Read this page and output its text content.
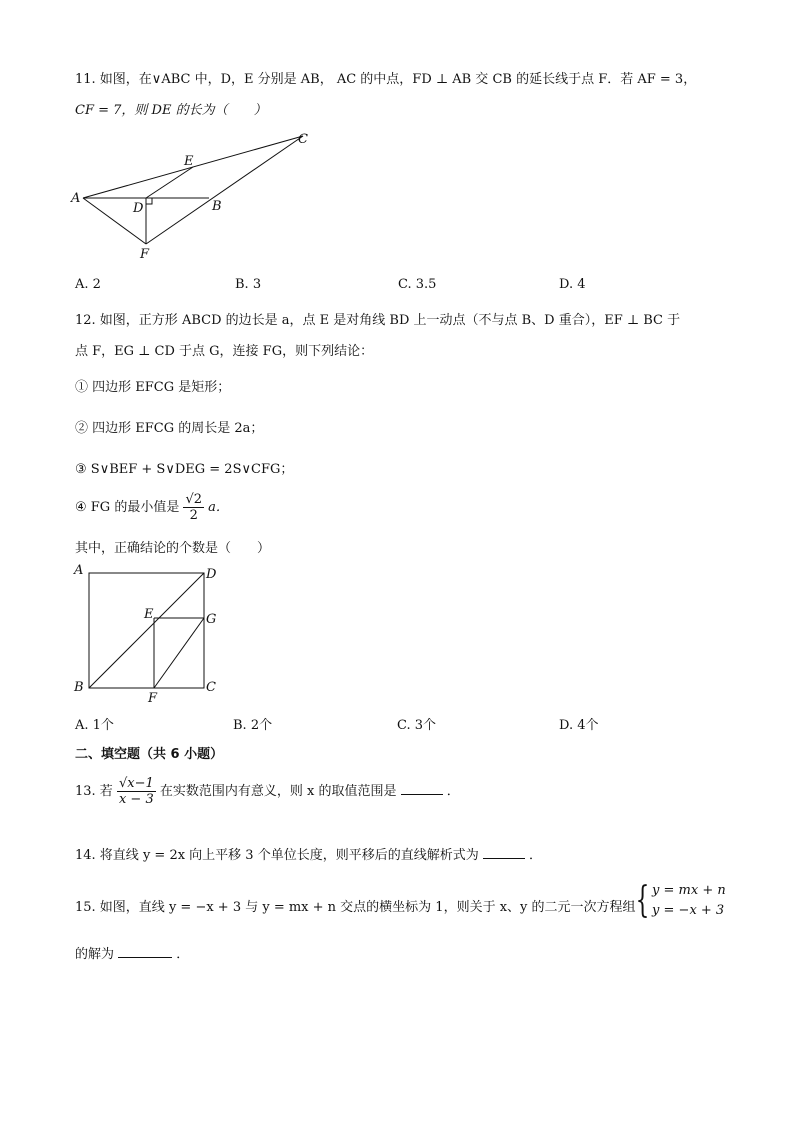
11. 如图，在∨ABC 中，D，E 分别是 AB， AC 的中点，FD ⊥ AB 交 CB 的延长线于点 F．若 AF = 3，
CF = 7，则 DE 的长为（　　）
A
B
C
D
E
F
A. 2	B. 3	C. 3.5	D. 4
12. 如图，正方形 ABCD 的边长是 a，点 E 是对角线 BD 上一动点（不与点 B、D 重合），EF ⊥ BC 于
点 F，EG ⊥ CD 于点 G，连接 FG，则下列结论：
① 四边形 EFCG 是矩形；
② 四边形 EFCG 的周长是 2a；
③ S∨BEF + S∨DEG = 2S∨CFG；
④ FG 的最小值是 $\frac{√2}{2}$ a．
其中，正确结论的个数是（　　）
A
B	C
D
E
F
G
A. 1个	B. 2个	C. 3个	D. 4个
二、填空题（共 6 小题）
13. 若 $\frac{√x-1}{x - 3}$ 在实数范围内有意义，则 x 的取值范围是	．
14. 将直线 y = 2x 向上平移 3 个单位长度，则平移后的直线解析式为	．
15. 如图，直线 y = −x + 3 与 y = mx + n 交点的横坐标为 1，则关于 x、y 的二元一次方程组 { y = mx + n
y = −x + 3
的解为	．
